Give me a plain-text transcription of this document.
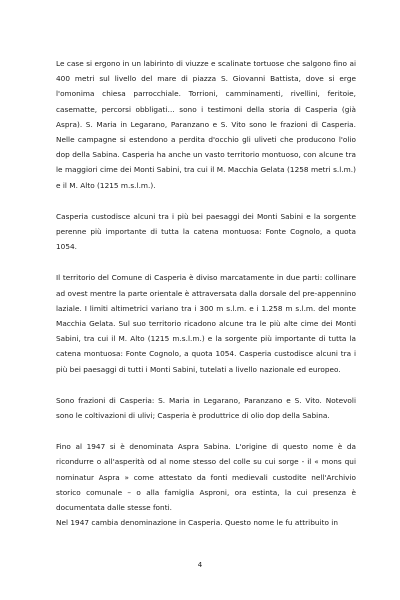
Le case si ergono in un labirinto di viuzze e scalinate tortuose che salgono fino ai 400 metri sul livello del mare di piazza S. Giovanni Battista, dove si erge l'omonima chiesa parrocchiale. Torrioni, camminamenti, rivellini, feritoie, casematte, percorsi obbligati… sono i testimoni della storia di Casperia (già Aspra). S. Maria in Legarano, Paranzano e S. Vito sono le frazioni di Casperia. Nelle campagne si estendono a perdita d'occhio gli uliveti che producono l'olio dop della Sabina. Casperia ha anche un vasto territorio montuoso, con alcune tra le maggiori cime dei Monti Sabini, tra cui il M. Macchia Gelata (1258 metri s.l.m.) e il M. Alto (1215 m.s.l.m.).

Casperia custodisce alcuni tra i più bei paesaggi dei Monti Sabini e la sorgente perenne più importante di tutta la catena montuosa: Fonte Cognolo, a quota 1054.

Il territorio del Comune di Casperia è diviso marcatamente in due parti: collinare ad ovest mentre la parte orientale è attraversata dalla dorsale del pre-appennino laziale. I limiti altimetrici variano tra i 300 m s.l.m. e i 1.258 m s.l.m. del monte Macchia Gelata. Sul suo territorio ricadono alcune tra le più alte cime dei Monti Sabini, tra cui il M. Alto (1215 m.s.l.m.) e la sorgente più importante di tutta la catena montuosa: Fonte Cognolo, a quota 1054. Casperia custodisce alcuni tra i più bei paesaggi di tutti i Monti Sabini, tutelati a livello nazionale ed europeo.

Sono frazioni di Casperia: S. Maria in Legarano, Paranzano e S. Vito. Notevoli sono le coltivazioni di ulivi; Casperia è produttrice di olio dop della Sabina.

Fino al 1947 si è denominata Aspra Sabina. L'origine di questo nome è da ricondurre o all'asperità od al nome stesso del colle su cui sorge - il « mons qui nominatur Aspra » come attestato da fonti medievali custodite nell'Archivio storico comunale – o alla famiglia Asproni, ora estinta, la cui presenza è documentata dalle stesse fonti.

Nel 1947 cambia denominazione in Casperia. Questo nome le fu attribuito in

4
